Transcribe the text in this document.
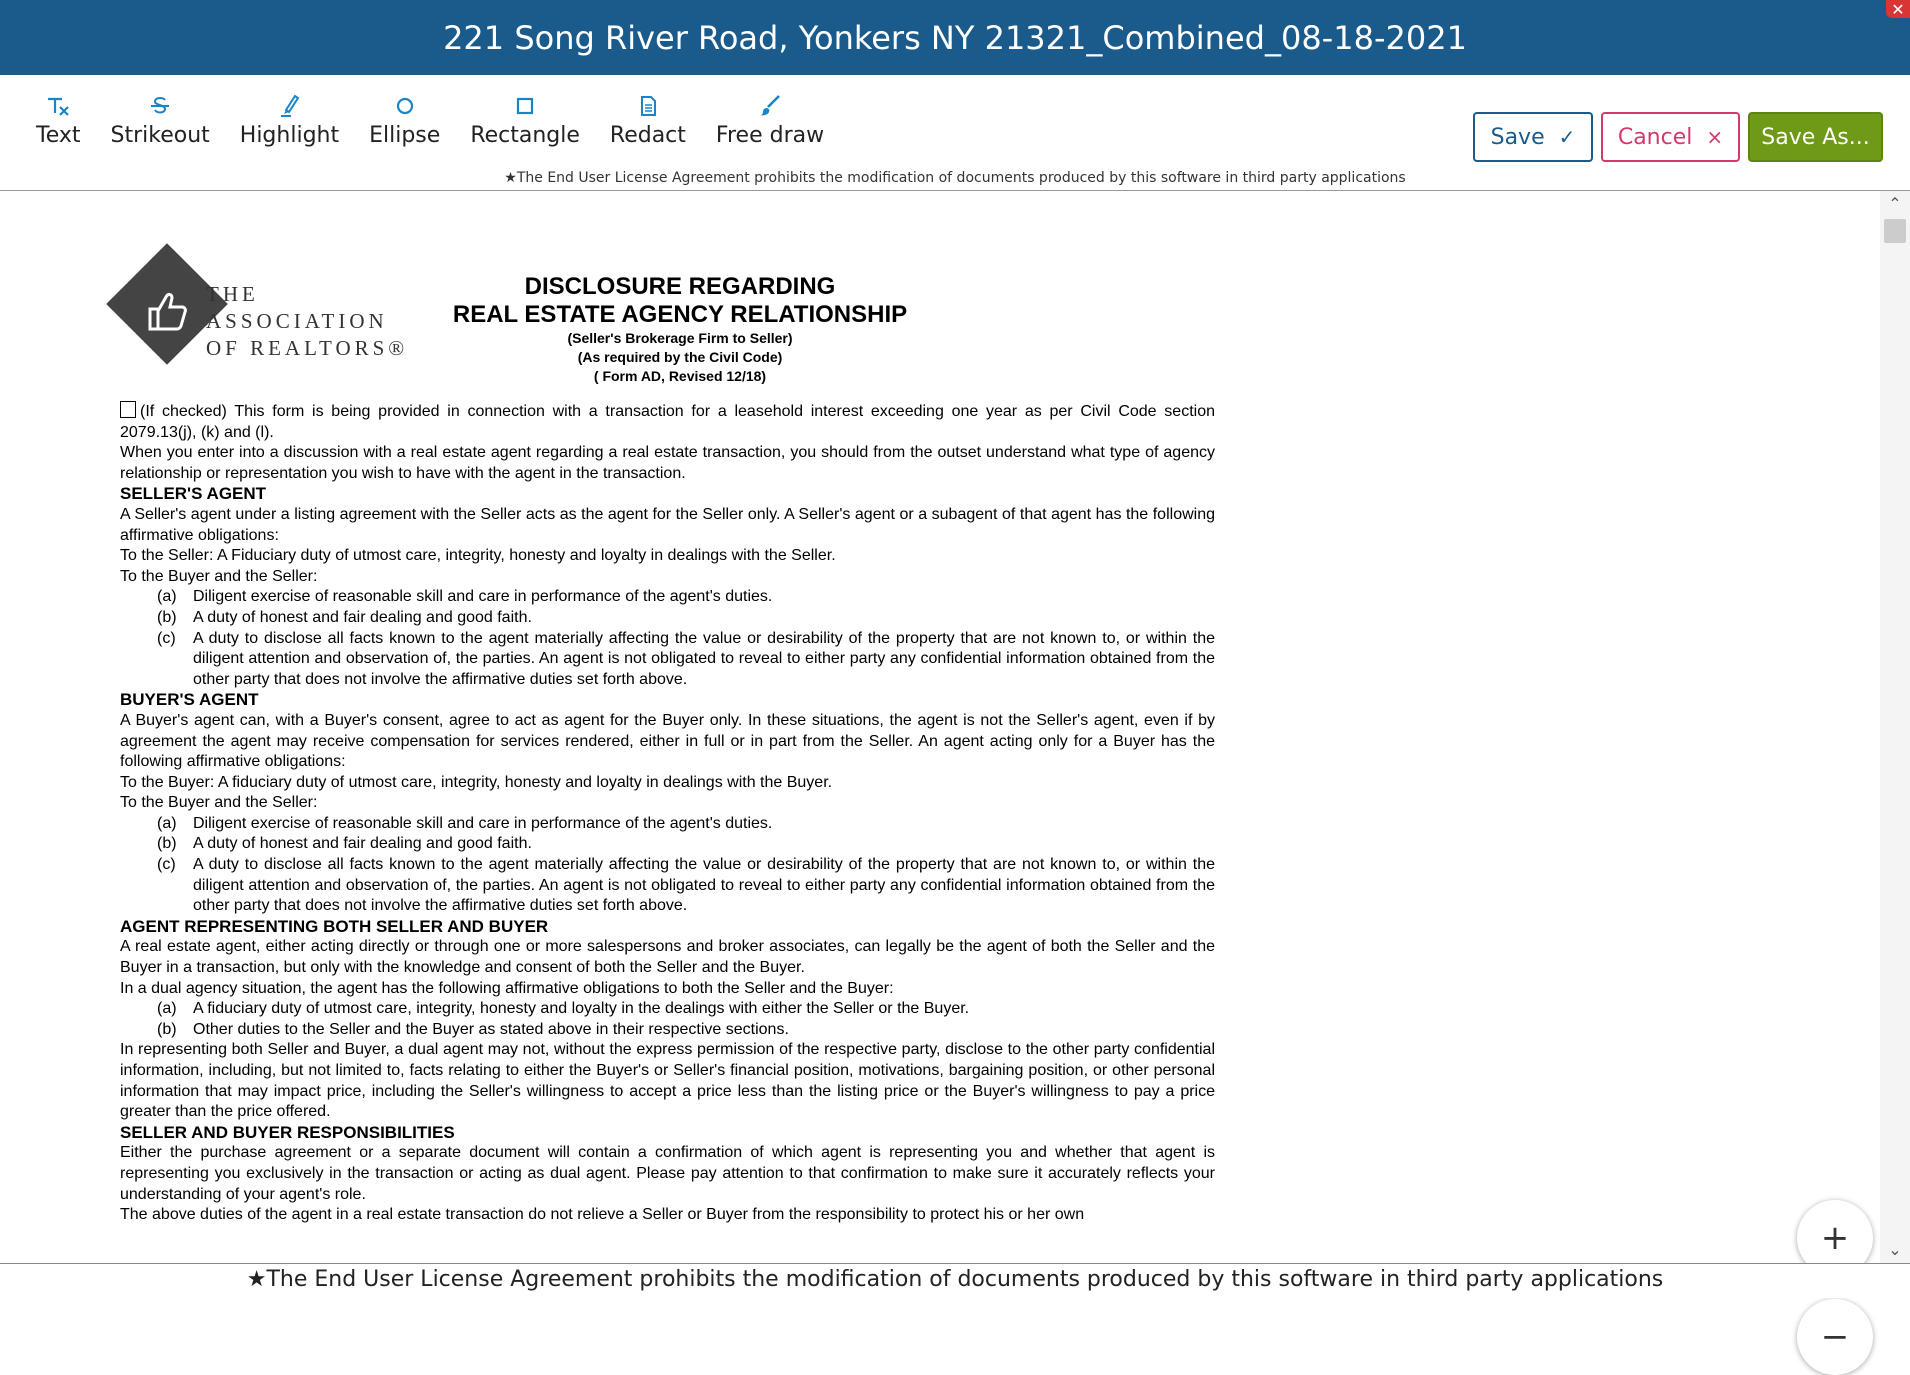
221 Song River Road, Yonkers NY 21321_Combined_08-18-2021
✕
Text Strikeout Highlight Ellipse Rectangle Redact Free draw	Save ✓ Cancel × Save As...
★The End User License Agreement prohibits the modification of documents produced by this software in third party applications
THE
ASSOCIATION
OF REALTORS®
DISCLOSURE REGARDING
REAL ESTATE AGENCY RELATIONSHIP
(Seller's Brokerage Firm to Seller)
(As required by the Civil Code)
( Form AD, Revised 12/18)

(If checked) This form is being provided in connection with a transaction for a leasehold interest exceeding one year as per Civil Code section 2079.13(j), (k) and (l).

When you enter into a discussion with a real estate agent regarding a real estate transaction, you should from the outset understand what type of agency relationship or representation you wish to have with the agent in the transaction.

SELLER'S AGENT

A Seller's agent under a listing agreement with the Seller acts as the agent for the Seller only. A Seller's agent or a subagent of that agent has the following affirmative obligations:

To the Seller: A Fiduciary duty of utmost care, integrity, honesty and loyalty in dealings with the Seller.

To the Buyer and the Seller:

(a)	Diligent exercise of reasonable skill and care in performance of the agent's duties.
(b)	A duty of honest and fair dealing and good faith.
(c)	A duty to disclose all facts known to the agent materially affecting the value or desirability of the property that are not known to, or within the diligent attention and observation of, the parties. An agent is not obligated to reveal to either party any confidential information obtained from the other party that does not involve the affirmative duties set forth above.

BUYER'S AGENT

A Buyer's agent can, with a Buyer's consent, agree to act as agent for the Buyer only. In these situations, the agent is not the Seller's agent, even if by agreement the agent may receive compensation for services rendered, either in full or in part from the Seller. An agent acting only for a Buyer has the following affirmative obligations:

To the Buyer: A fiduciary duty of utmost care, integrity, honesty and loyalty in dealings with the Buyer.

To the Buyer and the Seller:

(a)	Diligent exercise of reasonable skill and care in performance of the agent's duties.
(b)	A duty of honest and fair dealing and good faith.
(c)	A duty to disclose all facts known to the agent materially affecting the value or desirability of the property that are not known to, or within the diligent attention and observation of, the parties. An agent is not obligated to reveal to either party any confidential information obtained from the other party that does not involve the affirmative duties set forth above.

AGENT REPRESENTING BOTH SELLER AND BUYER

A real estate agent, either acting directly or through one or more salespersons and broker associates, can legally be the agent of both the Seller and the Buyer in a transaction, but only with the knowledge and consent of both the Seller and the Buyer.

In a dual agency situation, the agent has the following affirmative obligations to both the Seller and the Buyer:

(a)	A fiduciary duty of utmost care, integrity, honesty and loyalty in the dealings with either the Seller or the Buyer.
(b)	Other duties to the Seller and the Buyer as stated above in their respective sections.

In representing both Seller and Buyer, a dual agent may not, without the express permission of the respective party, disclose to the other party confidential information, including, but not limited to, facts relating to either the Buyer's or Seller's financial position, motivations, bargaining position, or other personal information that may impact price, including the Seller's willingness to accept a price less than the listing price or the Buyer's willingness to pay a price greater than the price offered.

SELLER AND BUYER RESPONSIBILITIES

Either the purchase agreement or a separate document will contain a confirmation of which agent is representing you and whether that agent is representing you exclusively in the transaction or acting as dual agent. Please pay attention to that confirmation to make sure it accurately reflects your understanding of your agent's role.

The above duties of the agent in a real estate transaction do not relieve a Seller or Buyer from the responsibility to protect his or her own

+
−
⌃
⌄
★The End User License Agreement prohibits the modification of documents produced by this software in third party applications
